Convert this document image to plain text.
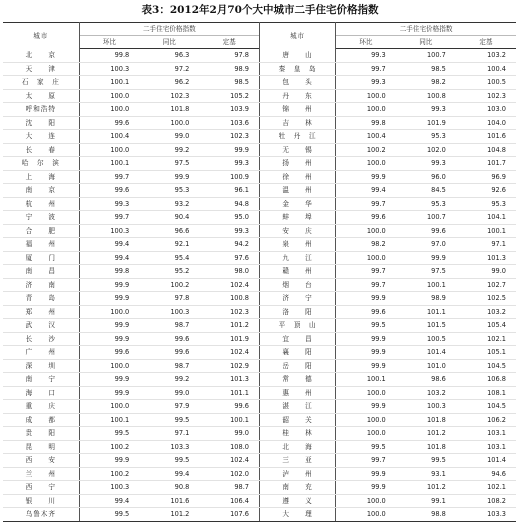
表3：2012年2月70个大中城市二手住宅价格指数
城市	二手住宅价格指数			城市	二手住宅价格指数		
	环比	同比	定基		环比	同比	定基
北　　京	99.8	96.3	97.8	唐　　山	99.3	100.7	103.2
天　　津	100.3	97.2	98.9	秦　皇　岛	99.7	98.5	100.4
石　家　庄	100.1	96.2	98.5	包　　头	99.3	98.2	100.5
太　　原	100.0	102.3	105.2	丹　　东	100.0	100.8	102.3
呼和浩特	100.0	101.8	103.9	锦　　州	100.0	99.3	103.0
沈　　阳	99.6	100.0	103.6	吉　　林	99.8	101.9	104.0
大　　连	100.4	99.0	102.3	牡　丹　江	100.4	95.3	101.6
长　　春	100.0	99.2	99.9	无　　锡	100.2	102.0	104.8
哈　尔　滨	100.1	97.5	99.3	扬　　州	100.0	99.3	101.7
上　　海	99.7	99.9	100.9	徐　　州	99.9	96.0	96.9
南　　京	99.6	95.3	96.1	温　　州	99.4	84.5	92.6
杭　　州	99.3	93.2	94.8	金　　华	99.7	95.3	95.3
宁　　波	99.7	90.4	95.0	蚌　　埠	99.6	100.7	104.1
合　　肥	100.3	96.6	99.3	安　　庆	100.0	99.6	100.1
福　　州	99.4	92.1	94.2	泉　　州	98.2	97.0	97.1
厦　　门	99.4	95.4	97.6	九　　江	100.0	99.9	101.3
南　　昌	99.8	95.2	98.0	赣　　州	99.7	97.5	99.0
济　　南	99.9	100.2	102.4	烟　　台	99.7	100.1	102.7
青　　岛	99.9	97.8	100.8	济　　宁	99.9	98.9	102.5
郑　　州	100.0	100.3	102.3	洛　　阳	99.6	101.1	103.2
武　　汉	99.9	98.7	101.2	平　顶　山	99.5	101.5	105.4
长　　沙	99.9	99.6	101.9	宜　　昌	99.9	100.5	102.1
广　　州	99.6	99.6	102.4	襄　　阳	99.9	101.4	105.1
深　　圳	100.0	98.7	102.9	岳　　阳	99.9	101.0	104.5
南　　宁	99.9	99.2	101.3	常　　德	100.1	98.6	106.8
海　　口	99.9	99.0	101.1	惠　　州	100.0	103.2	108.1
重　　庆	100.0	97.9	99.6	湛　　江	99.9	100.3	104.5
成　　都	100.1	99.5	100.1	韶　　关	100.0	101.8	106.2
贵　　阳	99.5	97.1	99.0	桂　　林	100.0	101.2	103.1
昆　　明	100.2	103.3	108.0	北　　海	99.5	101.8	103.1
西　　安	99.9	99.5	102.4	三　　亚	99.7	99.5	101.4
兰　　州	100.2	99.4	102.0	泸　　州	99.9	93.1	94.6
西　　宁	100.3	90.8	98.7	南　　充	99.9	101.2	102.1
银　　川	99.4	101.6	106.4	遵　　义	100.0	99.1	108.2
乌鲁木齐	99.5	101.2	107.6	大　　理	100.0	98.8	103.3
